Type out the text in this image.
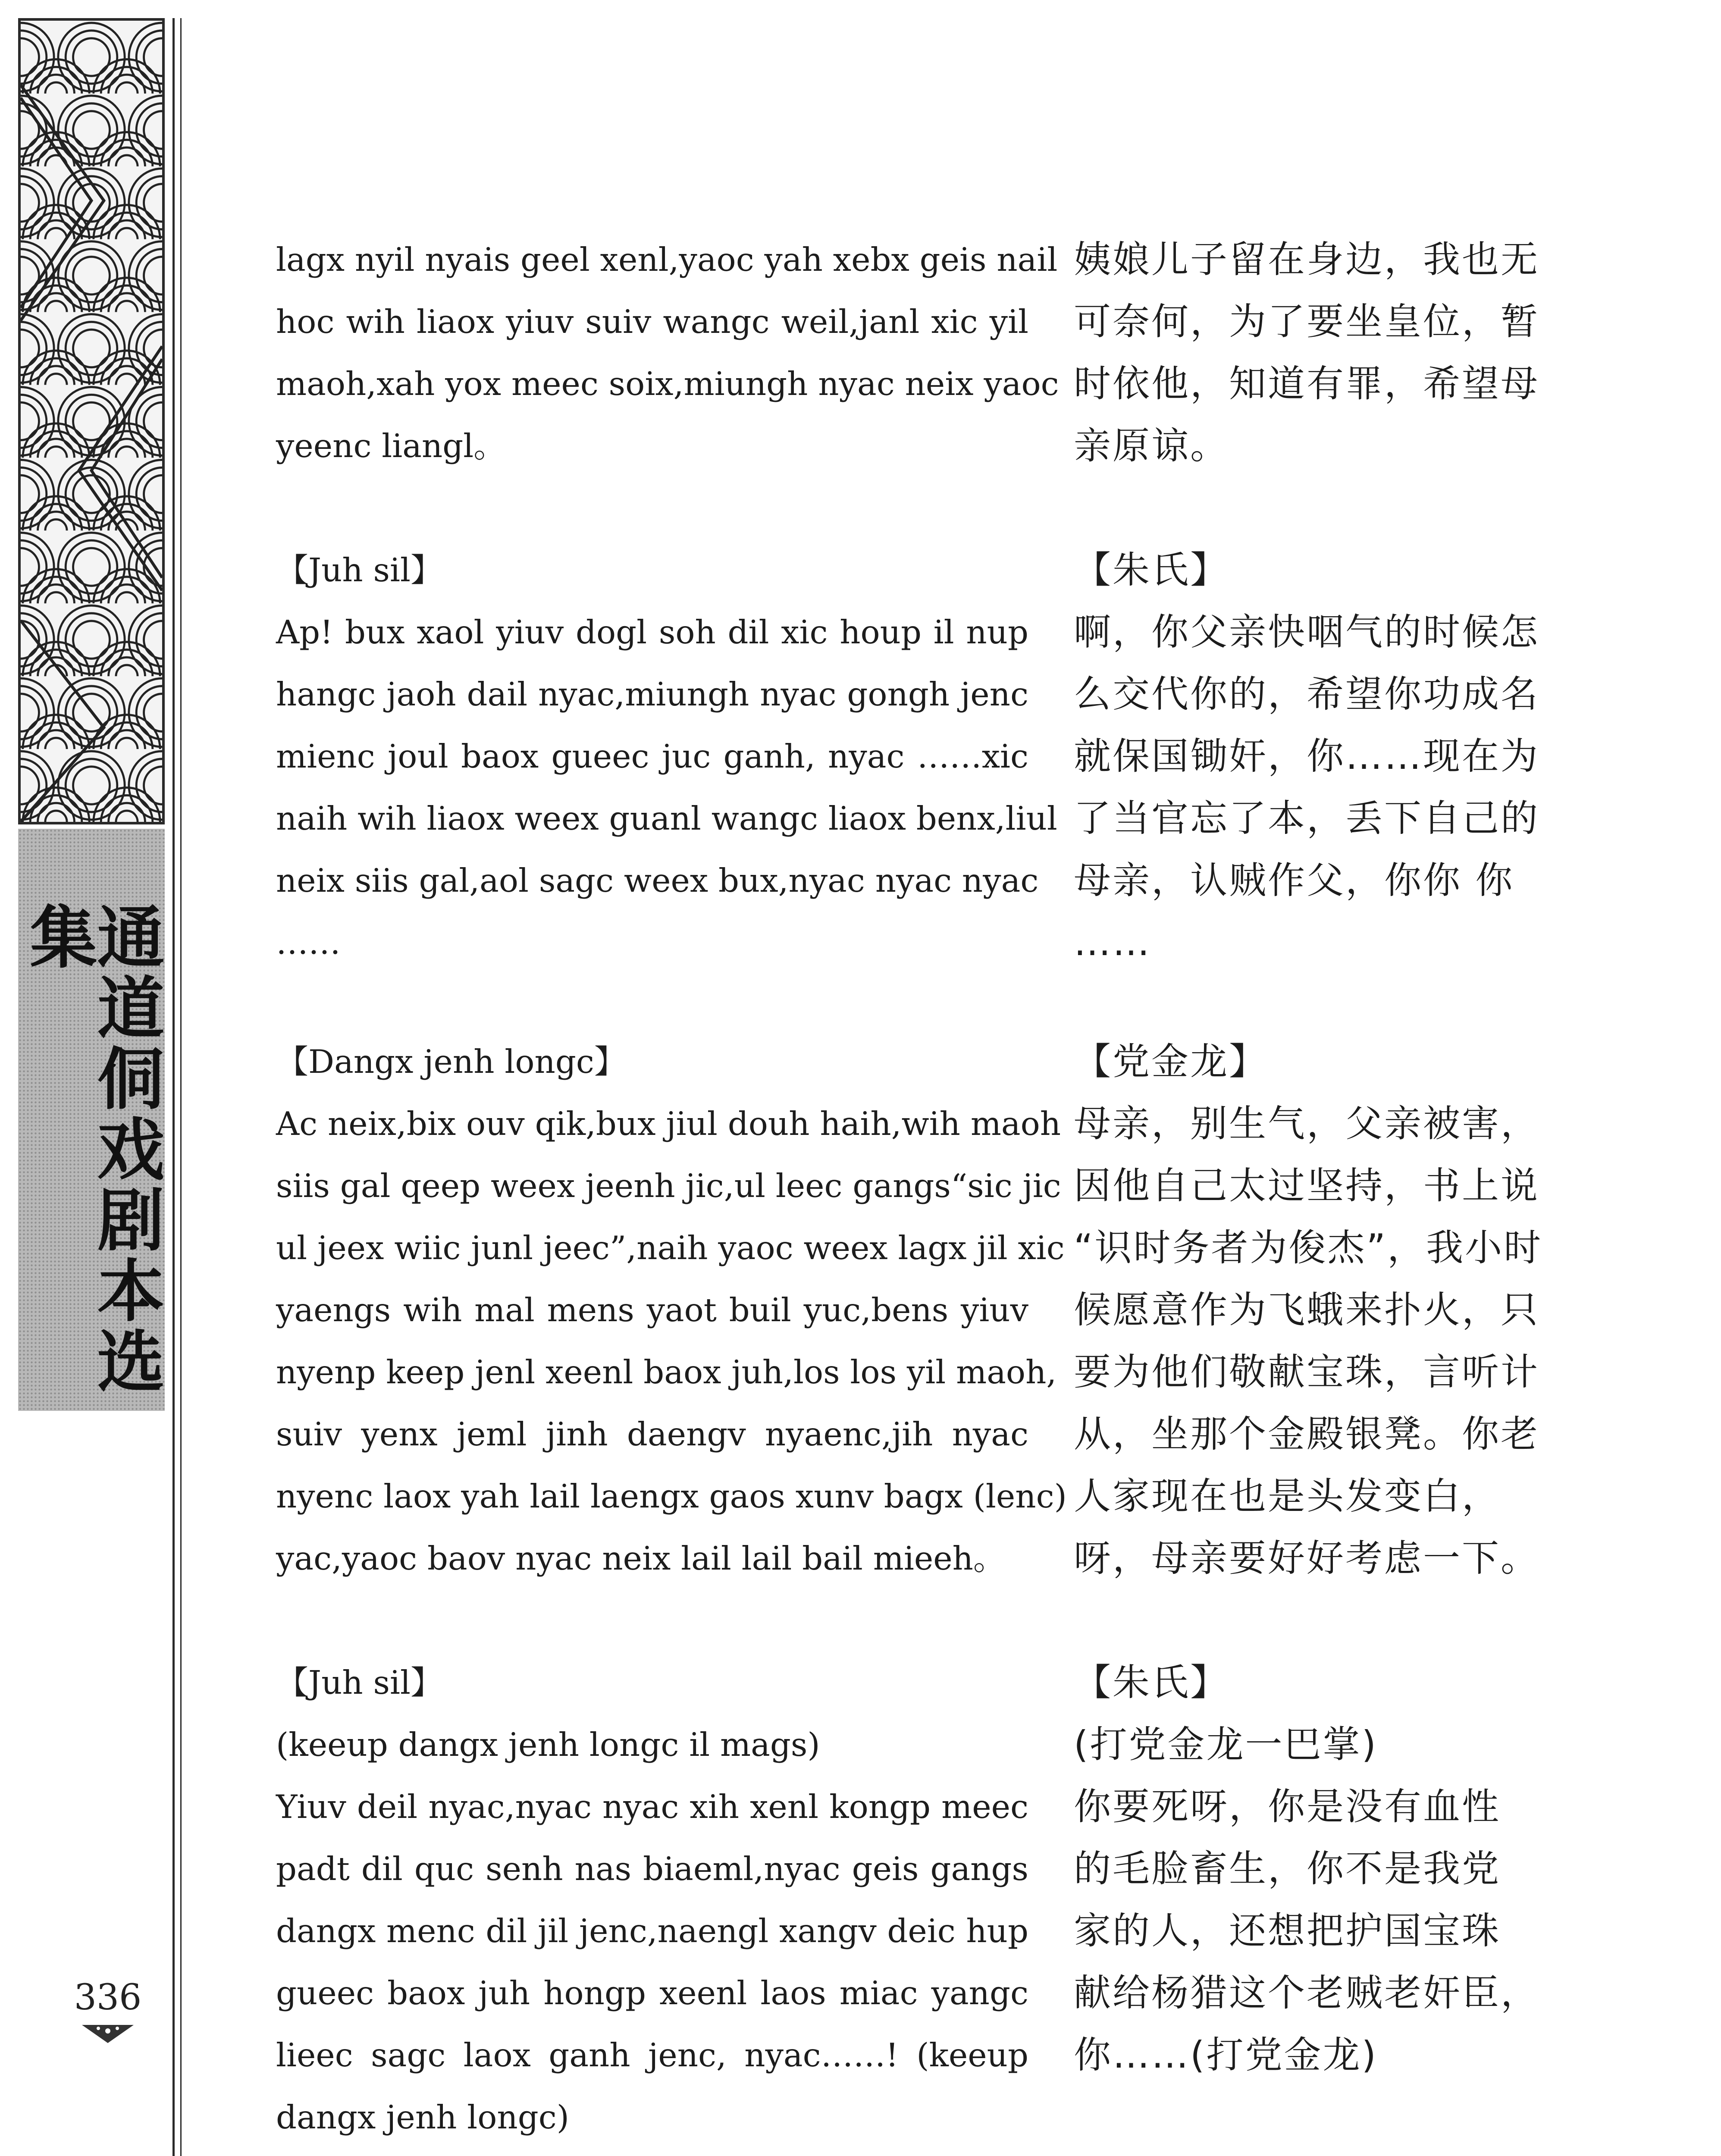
通道侗戏剧本选集
336
lagx nyil nyais geel xenl,yaoc yah xebx geis nail
hoc wih liaox yiuv suiv wangc weil,janl xic yil
maoh,xah yox meec soix,miungh nyac neix yaoc
yeenc liangl。
【Juh sil】
Ap! bux xaol yiuv dogl soh dil xic houp il nup
hangc jaoh dail nyac,miungh nyac gongh jenc
mienc joul baox gueec juc ganh, nyac ……xic
naih wih liaox weex guanl wangc liaox benx,liul
neix siis gal,aol sagc weex bux,nyac nyac nyac
……
【Dangx jenh longc】
Ac neix,bix ouv qik,bux jiul douh haih,wih maoh
siis gal qeep weex jeenh jic,ul leec gangs“sic jic
ul jeex wiic junl jeec”,naih yaoc weex lagx jil xic
yaengs wih mal mens yaot buil yuc,bens yiuv
nyenp keep jenl xeenl baox juh,los los yil maoh,
suiv yenx jeml jinh daengv nyaenc,jih nyac
nyenc laox yah lail laengx gaos xunv bagx (lenc)
yac,yaoc baov nyac neix lail lail bail mieeh。
【Juh sil】
(keeup dangx jenh longc il mags)
Yiuv deil nyac,nyac nyac xih xenl kongp meec
padt dil quc senh nas biaeml,nyac geis gangs
dangx menc dil jil jenc,naengl xangv deic hup
gueec baox juh hongp xeenl laos miac yangc
lieec sagc laox ganh jenc, nyac……! (keeup
dangx jenh longc)
姨娘儿子留在身边，我也无
可奈何，为了要坐皇位，暂
时依他，知道有罪，希望母
亲原谅。
【朱氏】
啊，你父亲快咽气的时候怎
么交代你的，希望你功成名
就保国锄奸，你……现在为
了当官忘了本，丢下自己的
母亲，认贼作父，你你 你
……
【党金龙】
母亲，别生气，父亲被害，
因他自己太过坚持，书上说
“识时务者为俊杰”，我小时
候愿意作为飞蛾来扑火，只
要为他们敬献宝珠，言听计
从，坐那个金殿银凳。你老
人家现在也是头发变白，
呀，母亲要好好考虑一下。
【朱氏】
(打党金龙一巴掌)
你要死呀，你是没有血性
的毛脸畜生，你不是我党
家的人，还想把护国宝珠
献给杨猎这个老贼老奸臣，
你……(打党金龙)
